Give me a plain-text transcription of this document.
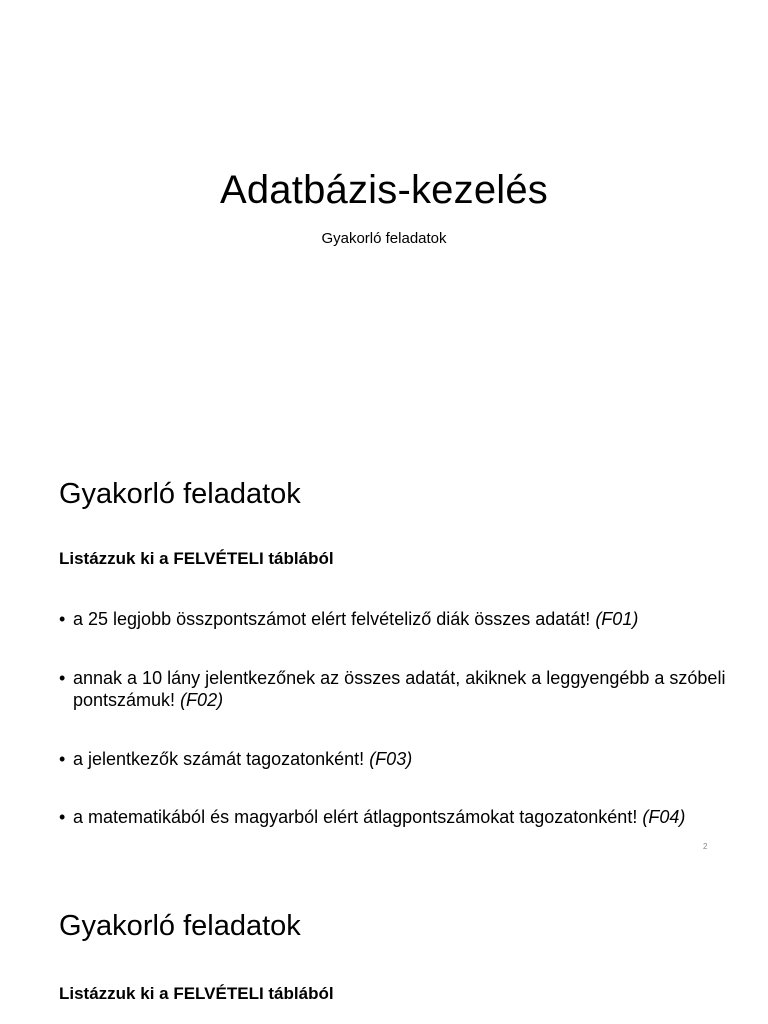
Adatbázis-kezelés
Gyakorló feladatok
Gyakorló feladatok
Listázzuk ki a FELVÉTELI táblából
• a 25 legjobb összpontszámot elért felvételiző diák összes adatát! (F01)
• annak a 10 lány jelentkezőnek az összes adatát, akiknek a leggyengébb a szóbeli pontszámuk! (F02)
• a jelentkezők számát tagozatonként! (F03)
• a matematikából és magyarból elért átlagpontszámokat tagozatonként! (F04)
2
Gyakorló feladatok
Listázzuk ki a FELVÉTELI táblából
